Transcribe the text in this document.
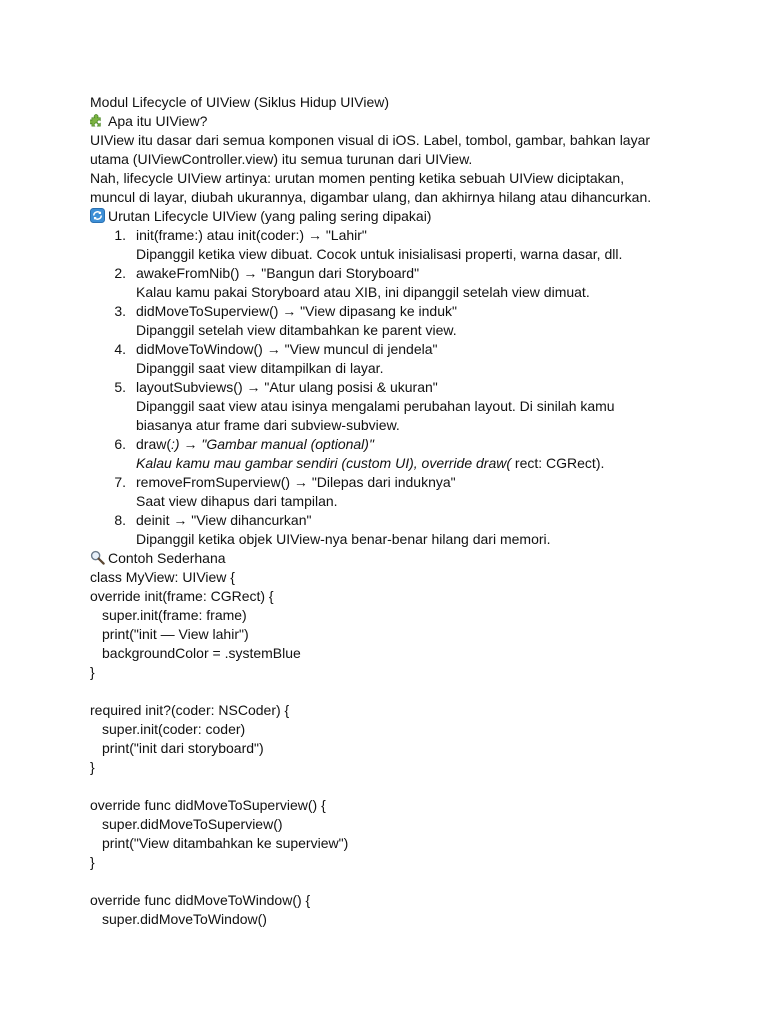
Modul Lifecycle of UIView (Siklus Hidup UIView)
Apa itu UIView?
UIView itu dasar dari semua komponen visual di iOS. Label, tombol, gambar, bahkan layar
utama (UIViewController.view) itu semua turunan dari UIView.
Nah, lifecycle UIView artinya: urutan momen penting ketika sebuah UIView diciptakan,
muncul di layar, diubah ukurannya, digambar ulang, dan akhirnya hilang atau dihancurkan.
Urutan Lifecycle UIView (yang paling sering dipakai)
1. init(frame:) atau init(coder:) → "Lahir"
Dipanggil ketika view dibuat. Cocok untuk inisialisasi properti, warna dasar, dll.
2. awakeFromNib() → "Bangun dari Storyboard"
Kalau kamu pakai Storyboard atau XIB, ini dipanggil setelah view dimuat.
3. didMoveToSuperview() → "View dipasang ke induk"
Dipanggil setelah view ditambahkan ke parent view.
4. didMoveToWindow() → "View muncul di jendela"
Dipanggil saat view ditampilkan di layar.
5. layoutSubviews() → "Atur ulang posisi & ukuran"
Dipanggil saat view atau isinya mengalami perubahan layout. Di sinilah kamu
biasanya atur frame dari subview-subview.
6. draw(:) → "Gambar manual (optional)"
Kalau kamu mau gambar sendiri (custom UI), override draw( rect: CGRect).
7. removeFromSuperview() → "Dilepas dari induknya"
Saat view dihapus dari tampilan.
8. deinit → "View dihancurkan"
Dipanggil ketika objek UIView-nya benar-benar hilang dari memori.
Contoh Sederhana
class MyView: UIView {
override init(frame: CGRect) {
super.init(frame: frame)
print("init — View lahir")
backgroundColor = .systemBlue
}
required init?(coder: NSCoder) {
super.init(coder: coder)
print("init dari storyboard")
}
override func didMoveToSuperview() {
super.didMoveToSuperview()
print("View ditambahkan ke superview")
}
override func didMoveToWindow() {
super.didMoveToWindow()
